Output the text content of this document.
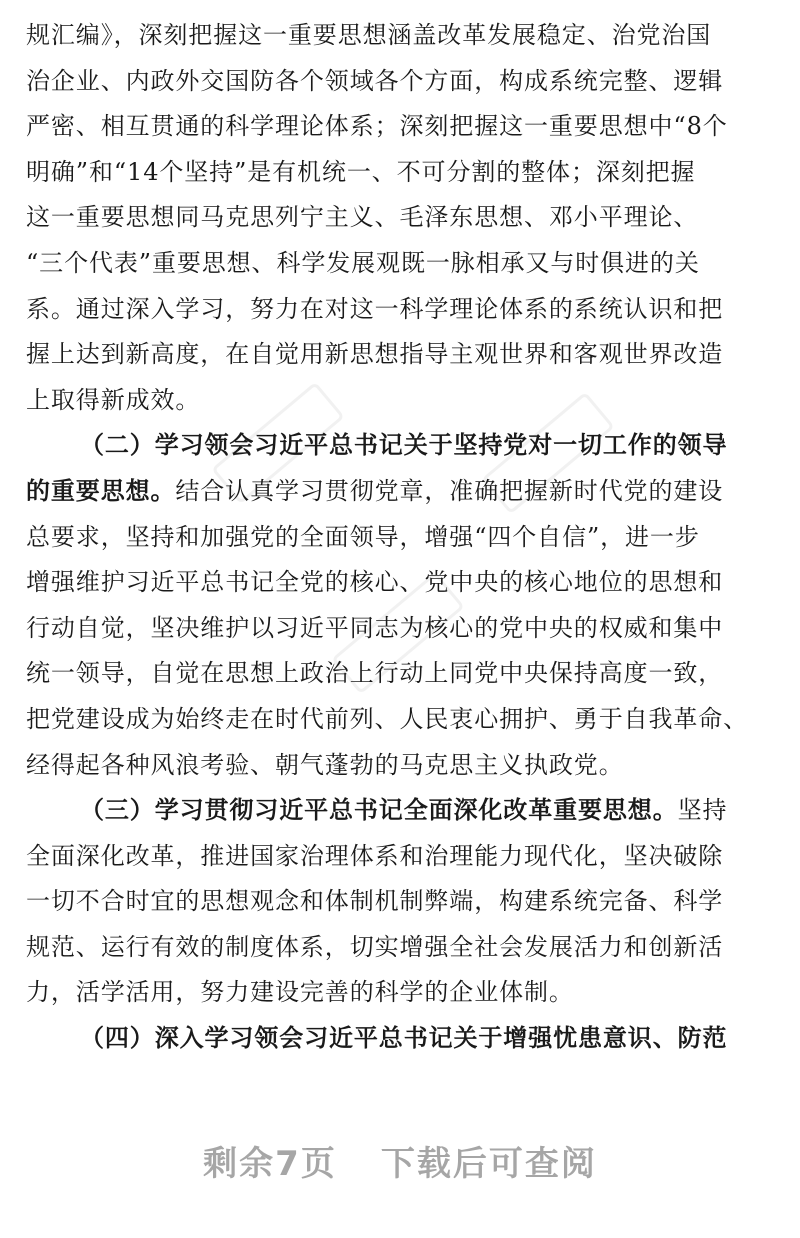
规汇编》，深刻把握这一重要思想涵盖改革发展稳定、治党治国
治企业、内政外交国防各个领域各个方面，构成系统完整、逻辑
严密、相互贯通的科学理论体系；深刻把握这一重要思想中“8个
明确”和“14个坚持”是有机统一、不可分割的整体；深刻把握
这一重要思想同马克思列宁主义、毛泽东思想、邓小平理论、
“三个代表”重要思想、科学发展观既一脉相承又与时俱进的关
系。通过深入学习，努力在对这一科学理论体系的系统认识和把
握上达到新高度，在自觉用新思想指导主观世界和客观世界改造
上取得新成效。
（二）学习领会习近平总书记关于坚持党对一切工作的领导
的重要思想。结合认真学习贯彻党章，准确把握新时代党的建设
总要求，坚持和加强党的全面领导，增强“四个自信”，进一步
增强维护习近平总书记全党的核心、党中央的核心地位的思想和
行动自觉，坚决维护以习近平同志为核心的党中央的权威和集中
统一领导，自觉在思想上政治上行动上同党中央保持高度一致，
把党建设成为始终走在时代前列、人民衷心拥护、勇于自我革命、
经得起各种风浪考验、朝气蓬勃的马克思主义执政党。
（三）学习贯彻习近平总书记全面深化改革重要思想。坚持
全面深化改革，推进国家治理体系和治理能力现代化，坚决破除
一切不合时宜的思想观念和体制机制弊端，构建系统完备、科学
规范、运行有效的制度体系，切实增强全社会发展活力和创新活
力，活学活用，努力建设完善的科学的企业体制。
（四）深入学习领会习近平总书记关于增强忧患意识、防范
剩余7页 下载后可查阅
